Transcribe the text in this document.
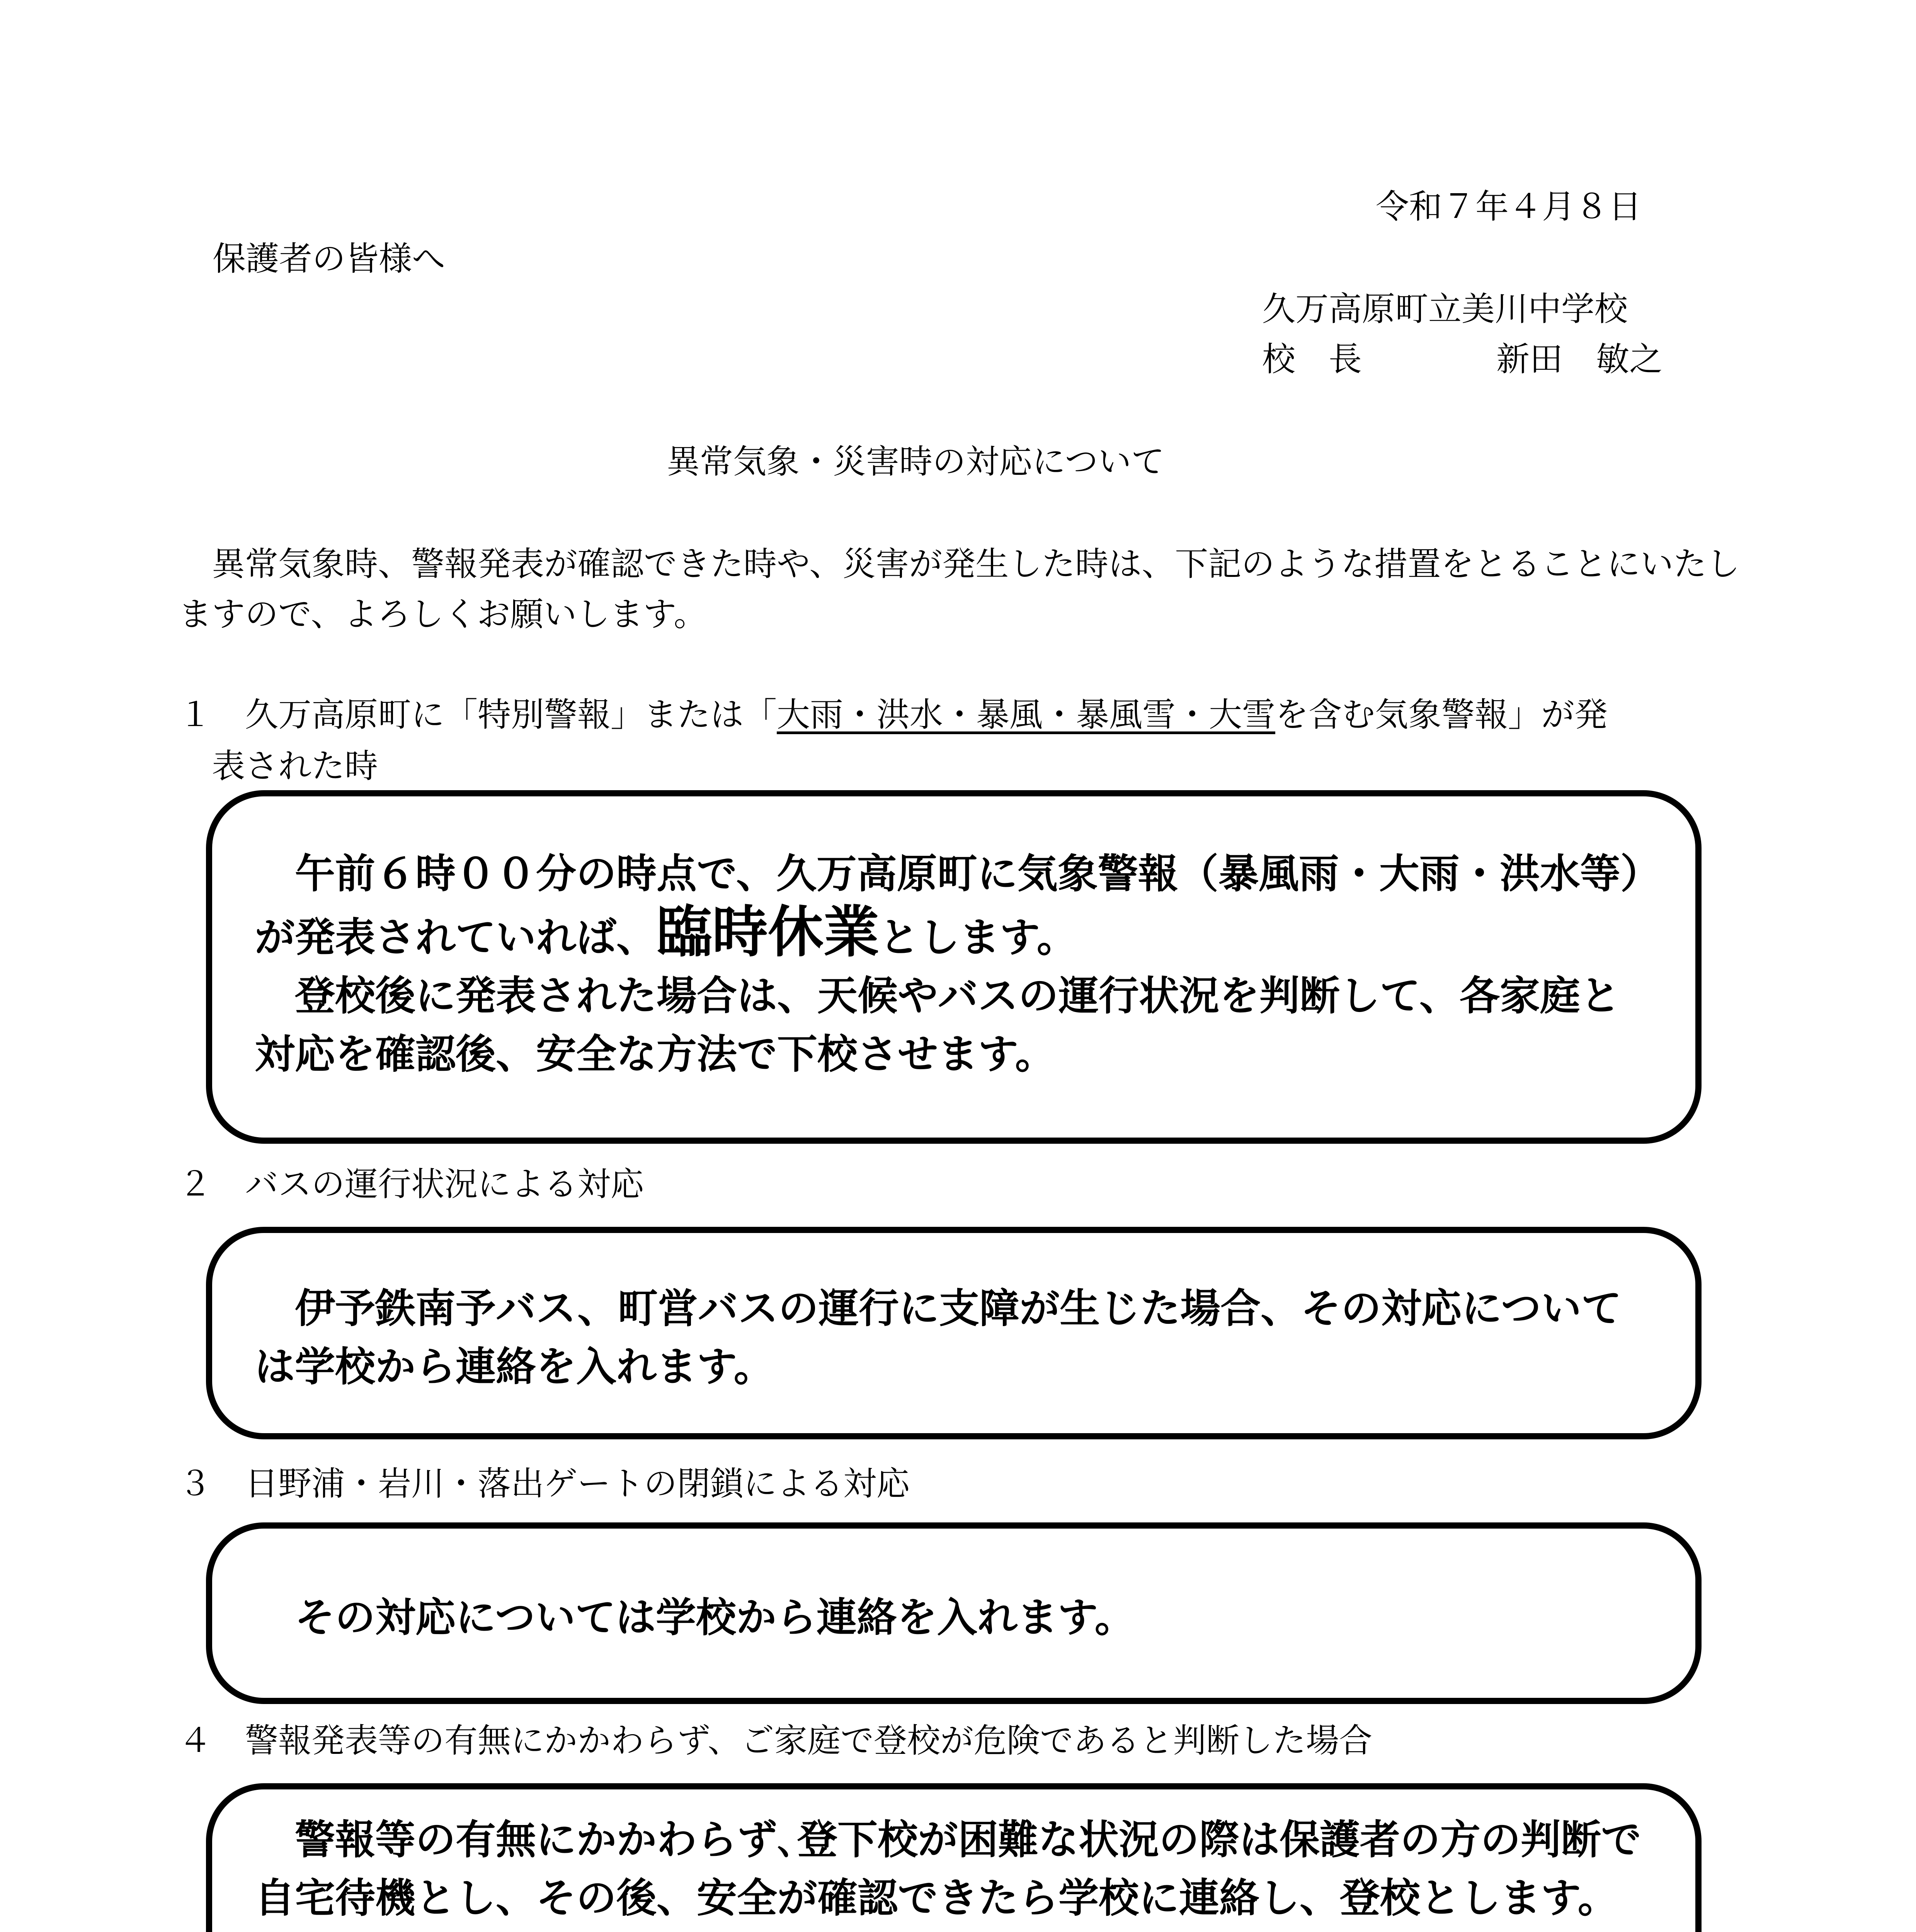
令和７年４月８日
保護者の皆様へ
久万高原町立美川中学校
校　長	新田　敏之
異常気象・災害時の対応について
　異常気象時、警報発表が確認できた時や、災害が発生した時は、下記のような措置をとることにいたしますので、よろしくお願いします。
１　久万高原町に「特別警報」または「大雨・洪水・暴風・暴風雪・大雪を含む気象警報」が発
表された時

　午前６時００分の時点で、久万高原町に気象警報（暴風雨・大雨・洪水等）が発表されていれば、臨時休業とします。

　登校後に発表された場合は、天候やバスの運行状況を判断して、各家庭と対応を確認後、安全な方法で下校させます。

２　バスの運行状況による対応
　伊予鉄南予バス、町営バスの運行に支障が生じた場合、その対応については学校から連絡を入れます。
３　日野浦・岩川・落出ゲートの閉鎖による対応
　その対応については学校から連絡を入れます。
４　警報発表等の有無にかかわらず、ご家庭で登校が危険であると判断した場合
　警報等の有無にかかわらず､登下校が困難な状況の際は保護者の方の判断で自宅待機とし、その後、安全が確認できたら学校に連絡し、登校とします。
